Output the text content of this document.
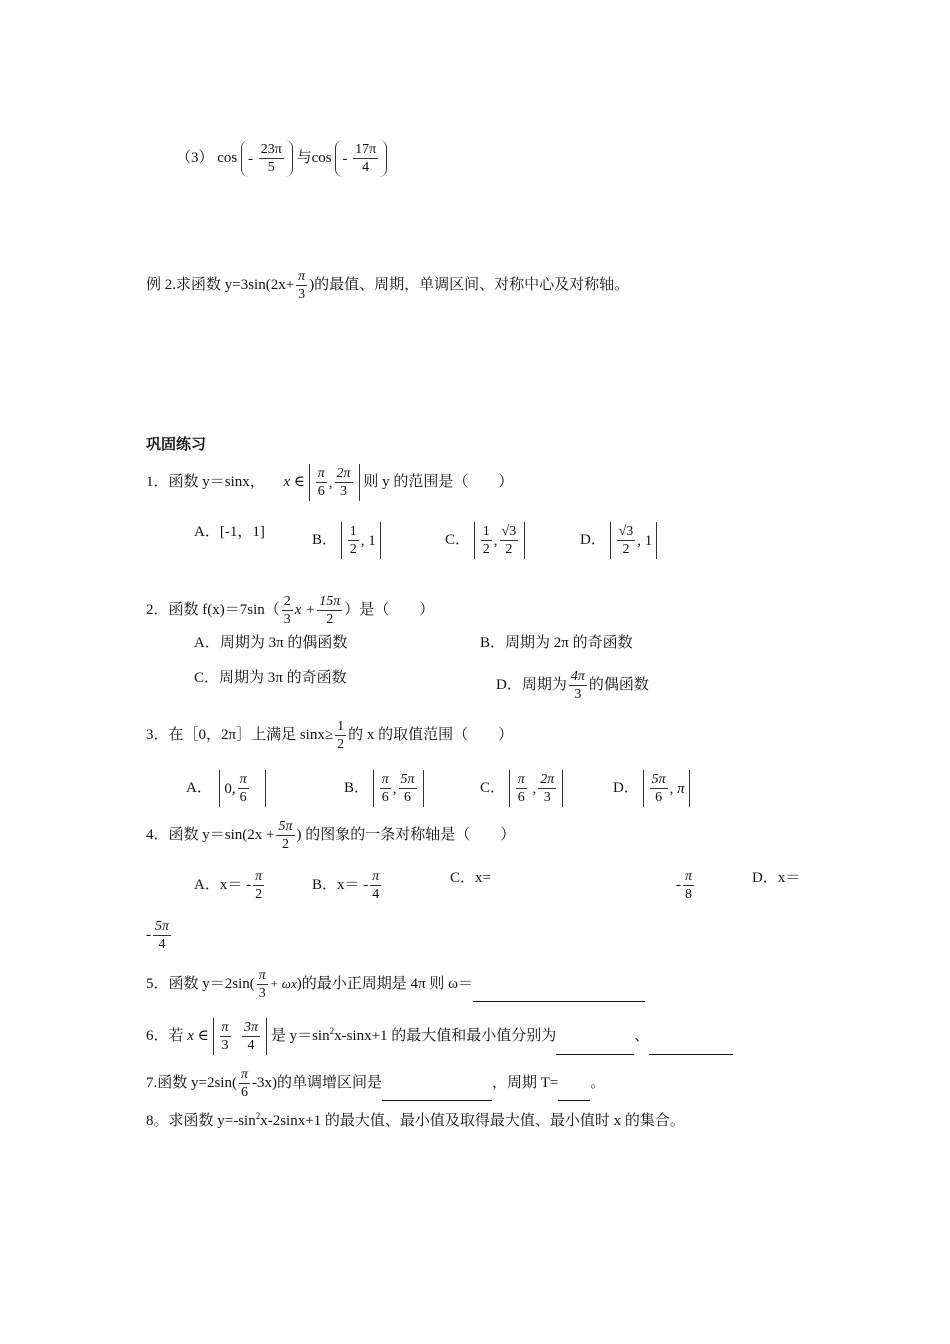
（3） cos -
$\frac{23\pi}{5}$ 与cos -
$\frac{17\pi}{4}$
例 2.求函数 $y=3\sin(2x+ \frac{\pi}{3}$ )的最值、周期，单调区间、对称中心及对称轴。
巩固练习
1．函数 y＝sinx， x ∈ $\frac{\pi}{6}$ , $\frac{2\pi}{3}$ 则 y 的范围是（　　）
A．[-1，1]	B． $\frac{1}{2}$ , 1	C． $\frac{1}{2}$ , $\frac{√3}{2}$	D． $\frac{√3}{2}$ , 1
2．函数 $f(x)=7\sin( \frac{2}{3}$ $x + \frac{15\pi}{2}$ ）是（　　）
A．周期为 3π 的偶函数	B．周期为 2π 的奇函数
C．周期为 3π 的奇函数	D．周期为 $\frac{4\pi}{3}$ 的偶函数
3．在［0，2π］上满足 $\sin x\ge \frac{1}{2}$ 的 x 的取值范围（　　）
A． 0, $\frac{\pi}{6}$	B． $\frac{\pi}{6}$ , $\frac{5\pi}{6}$	C． $\frac{\pi}{6}$ , $\frac{2\pi}{3}$	D． $\frac{5\pi}{6}$ , π
4．函数 $y=\sin(2x + \frac{5\pi}{2}$ ) 的图象的一条对称轴是（　　）
A．$x= - \frac{\pi}{2}$	B．$x= - \frac{\pi}{4}$	C．x=	- $\frac{\pi}{8}$	D．x＝
- $\frac{5\pi}{4}$
5．函数 $y=2\sin( \frac{\pi}{3} + \omega x)$的最小正周期是 4π 则 ω＝
6．若 x ∈ $\frac{\pi}{3}$
$\frac{3\pi}{4}$ 是 $y=\sin^2x-\sin x+1$ 的最大值和最小值分别为	、
7.函数 $y=2\sin( \frac{\pi}{6} -3x)$的单调增区间是	，周期 T= 。
8。求函数 $y=-\sin^2x-2\sin x+1$ 的最大值、最小值及取得最大值、最小值时 x 的集合。
